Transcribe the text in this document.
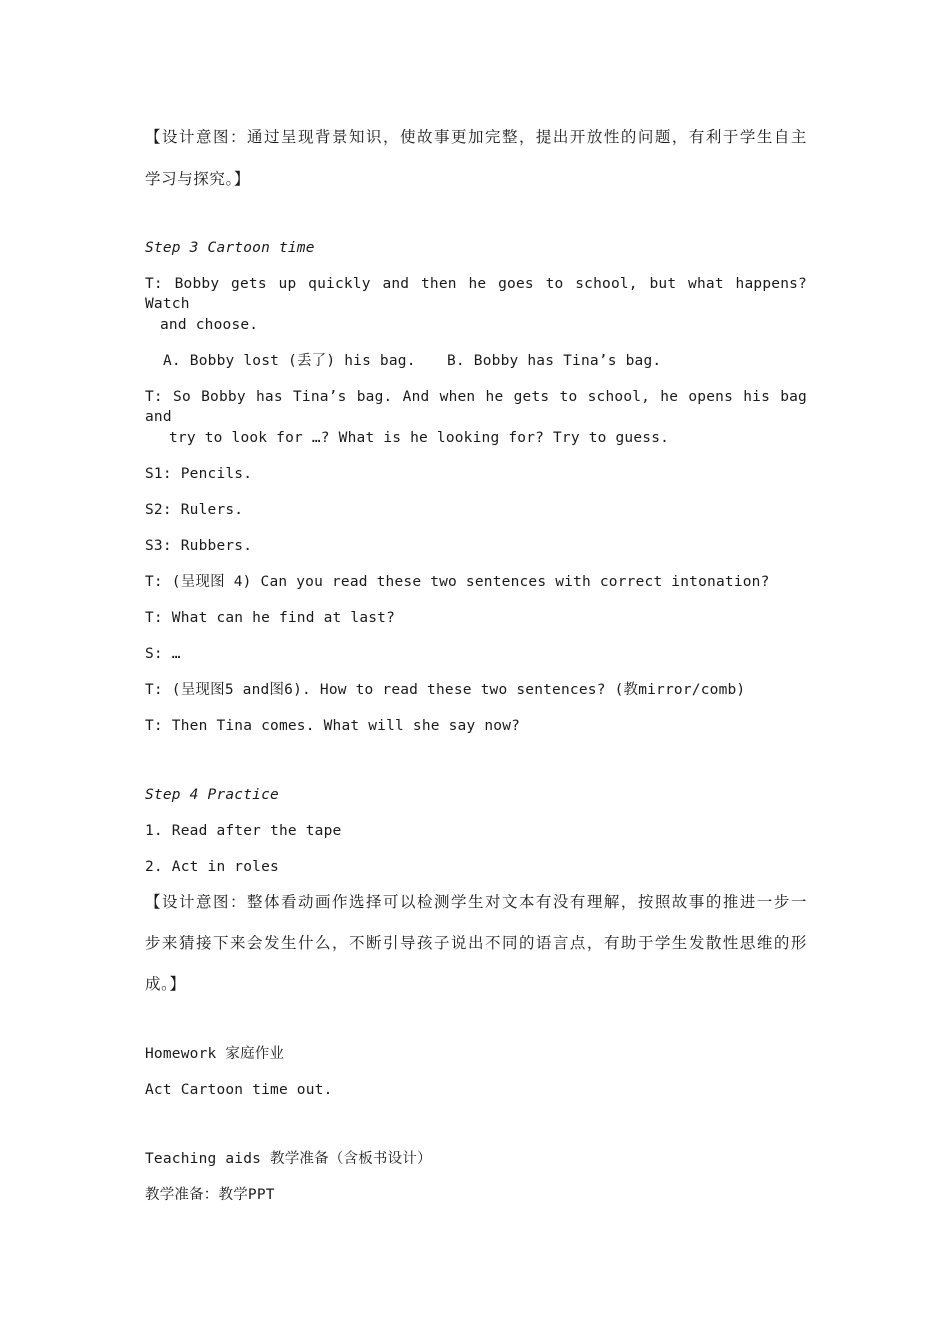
【设计意图：通过呈现背景知识，使故事更加完整，提出开放性的问题，有利于学生自主
学习与探究。】
Step 3 Cartoon time
T: Bobby gets up quickly and then he goes to school, but what happens? Watch
and choose.
A. Bobby lost (丢了) his bag. B. Bobby has Tina’s bag.
T: So Bobby has Tina’s bag. And when he gets to school, he opens his bag and
try to look for …? What is he looking for? Try to guess.
S1: Pencils.
S2: Rulers.
S3: Rubbers.
T: (呈现图 4) Can you read these two sentences with correct intonation?
T: What can he find at last?
S: …
T: (呈现图5 and图6). How to read these two sentences? (教mirror/comb)
T: Then Tina comes. What will she say now?
Step 4 Practice
1. Read after the tape
2. Act in roles
【设计意图：整体看动画作选择可以检测学生对文本有没有理解，按照故事的推进一步一
步来猜接下来会发生什么，不断引导孩子说出不同的语言点，有助于学生发散性思维的形
成。】
Homework 家庭作业
Act Cartoon time out.
Teaching aids 教学准备（含板书设计）
教学准备：教学PPT
